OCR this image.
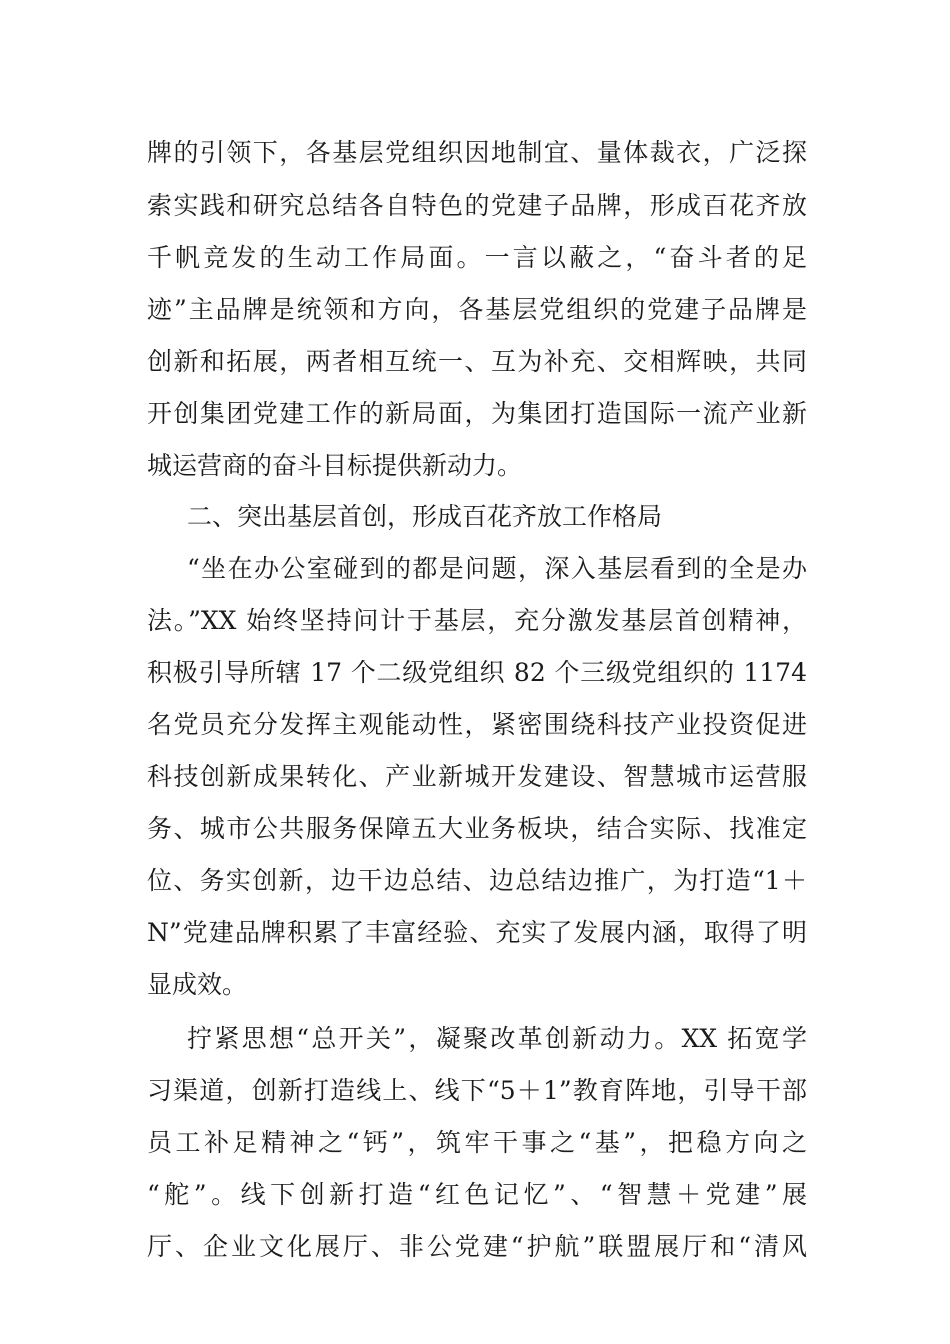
牌的引领下，各基层党组织因地制宜、量体裁衣，广泛探
索实践和研究总结各自特色的党建子品牌，形成百花齐放
千帆竞发的生动工作局面。一言以蔽之，“奋斗者的足
迹”主品牌是统领和方向，各基层党组织的党建子品牌是
创新和拓展，两者相互统一、互为补充、交相辉映，共同
开创集团党建工作的新局面，为集团打造国际一流产业新
城运营商的奋斗目标提供新动力。
二、突出基层首创，形成百花齐放工作格局
“坐在办公室碰到的都是问题，深入基层看到的全是办
法。”XX 始终坚持问计于基层，充分激发基层首创精神，
积极引导所辖 17 个二级党组织 82 个三级党组织的 1174
名党员充分发挥主观能动性，紧密围绕科技产业投资促进
科技创新成果转化、产业新城开发建设、智慧城市运营服
务、城市公共服务保障五大业务板块，结合实际、找准定
位、务实创新，边干边总结、边总结边推广，为打造“1＋
N”党建品牌积累了丰富经验、充实了发展内涵，取得了明
显成效。
拧紧思想“总开关”，凝聚改革创新动力。XX 拓宽学
习渠道，创新打造线上、线下“5＋1”教育阵地，引导干部
员工补足精神之“钙”，筑牢干事之“基”，把稳方向之
“舵”。线下创新打造“红色记忆”、“智慧＋党建”展
厅、企业文化展厅、非公党建“护航”联盟展厅和“清风
